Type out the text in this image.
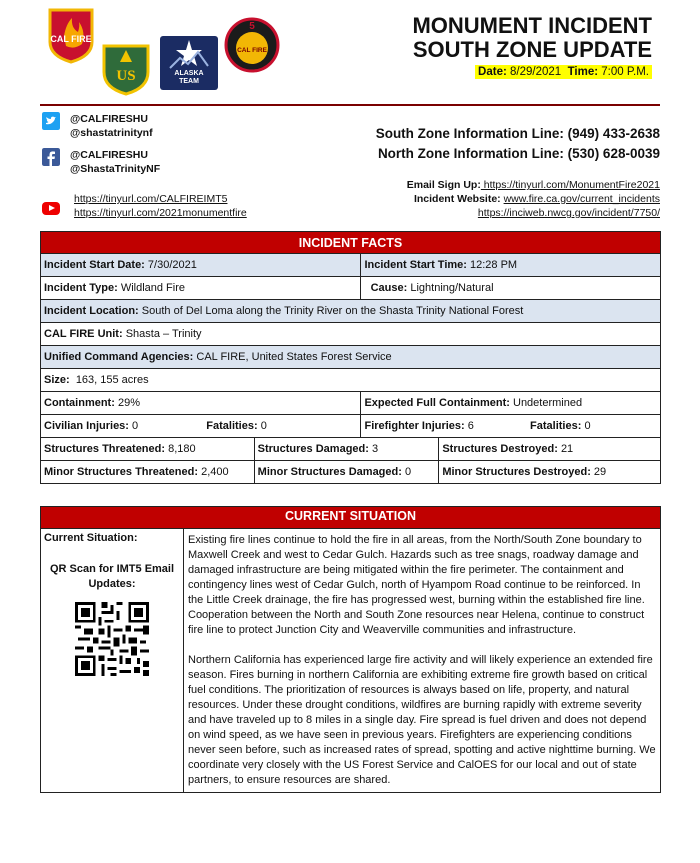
CAL FIRE
US	ALASKA
TEAM
5
CAL FIRE
MONUMENT INCIDENT
SOUTH ZONE UPDATE
Date: 8/29/2021 Time: 7:00 P.M.
@CALFIRESHU
@shastatrinitynf
@CALFIRESHU
@ShastaTrinityNF
https://tinyurl.com/CALFIREIMT5
https://tinyurl.com/2021monumentfire
South Zone Information Line: (949) 433-2638
North Zone Information Line: (530) 628-0039
Email Sign Up: https://tinyurl.com/MonumentFire2021
Incident Website: www.fire.ca.gov/current_incidents
https://inciweb.nwcg.gov/incident/7750/
INCIDENT FACTS			
Incident Start Date: 7/30/2021		Incident Start Time: 12:28 PM	
Incident Type: Wildland Fire		Cause: Lightning/Natural	
Incident Location: South of Del Loma along the Trinity River on the Shasta Trinity National Forest			
CAL FIRE Unit: Shasta – Trinity			
Unified Command Agencies: CAL FIRE, United States Forest Service			
Size: 163, 155 acres			
Containment: 29%		Expected Full Containment: Undetermined	
Civilian Injuries: 0 Fatalities: 0		Firefighter Injuries: 6 Fatalities: 0	
Structures Threatened: 8,180	Structures Damaged: 3		Structures Destroyed: 21
Minor Structures Threatened: 2,400	Minor Structures Damaged: 0		Minor Structures Destroyed: 29
CURRENT SITUATION

Current Situation:
QR Scan for IMT5 Email Updates:

Existing fire lines continue to hold the fire in all areas, from the North/South Zone boundary to Maxwell Creek and west to Cedar Gulch. Hazards such as tree snags, roadway damage and damaged infrastructure are being mitigated within the fire perimeter. The containment and contingency lines west of Cedar Gulch, north of Hyampom Road continue to be reinforced. In the Little Creek drainage, the fire has progressed west, burning within the established fire line. Cooperation between the North and South Zone resources near Helena, continue to construct fire line to protect Junction City and Weaverville communities and infrastructure.

Northern California has experienced large fire activity and will likely experience an extended fire season. Fires burning in northern California are exhibiting extreme fire growth based on critical fuel conditions. The prioritization of resources is always based on life, property, and natural resources. Under these drought conditions, wildfires are burning rapidly with extreme severity and have traveled up to 8 miles in a single day. Fire spread is fuel driven and does not depend on wind speed, as we have seen in previous years. Firefighters are experiencing conditions never seen before, such as increased rates of spread, spotting and active nighttime burning. We coordinate very closely with the US Forest Service and CalOES for our local and out of state partners, to ensure resources are shared.
